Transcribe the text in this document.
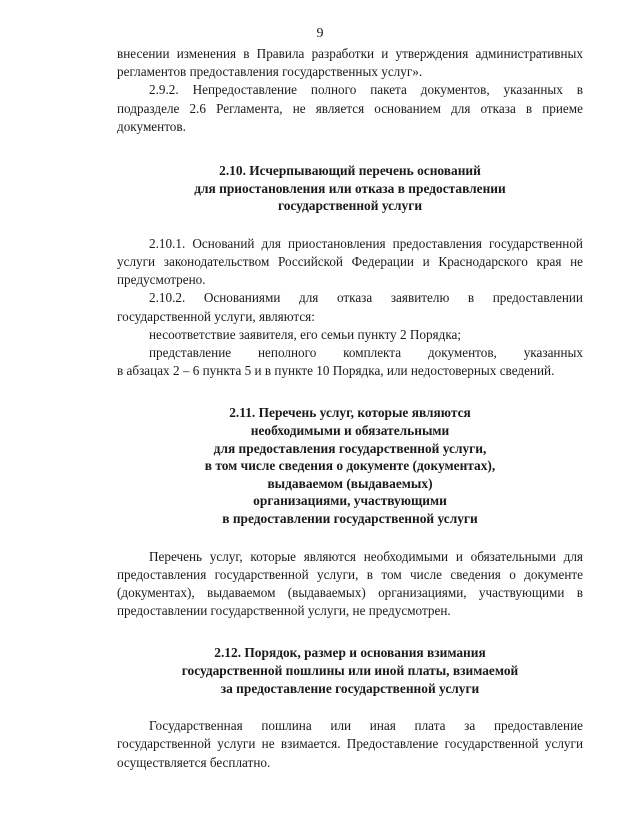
9

внесении изменения в Правила разработки и утверждения административных регламентов предоставления государственных услуг».

2.9.2. Непредоставление полного пакета документов, указанных в подразделе 2.6 Регламента, не является основанием для отказа в приеме документов.

2.10. Исчерпывающий перечень оснований
для приостановления или отказа в предоставлении
государственной услуги

2.10.1. Оснований для приостановления предоставления государственной услуги законодательством Российской Федерации и Краснодарского края не предусмотрено.

2.10.2. Основаниями для отказа заявителю в предоставлении государственной услуги, являются:

несоответствие заявителя, его семьи пункту 2 Порядка;

представление неполного комплекта документов, указанных

в абзацах 2 – 6 пункта 5 и в пункте 10 Порядка, или недостоверных сведений.

2.11. Перечень услуг, которые являются
необходимыми и обязательными
для предоставления государственной услуги,
в том числе сведения о документе (документах),
выдаваемом (выдаваемых)
организациями, участвующими
в предоставлении государственной услуги

Перечень услуг, которые являются необходимыми и обязательными для предоставления государственной услуги, в том числе сведения о документе (документах), выдаваемом (выдаваемых) организациями, участвующими в предоставлении государственной услуги, не предусмотрен.

2.12. Порядок, размер и основания взимания
государственной пошлины или иной платы, взимаемой
за предоставление государственной услуги

Государственная пошлина или иная плата за предоставление государственной услуги не взимается. Предоставление государственной услуги осуществляется бесплатно.
